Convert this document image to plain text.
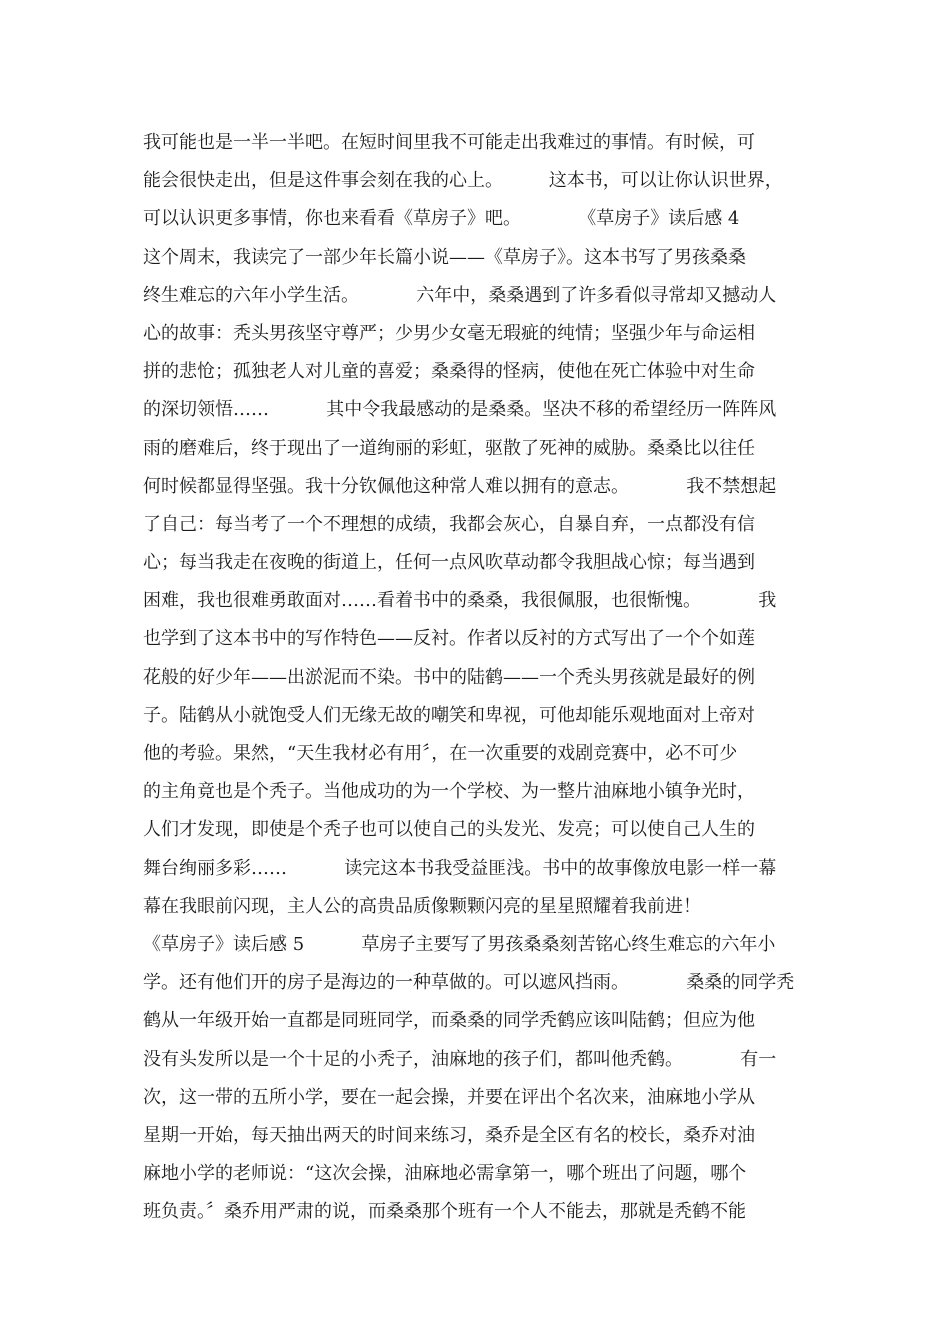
我可能也是一半一半吧。在短时间里我不可能走出我难过的事情。有时候，可
能会很快走出，但是这件事会刻在我的心上。        这本书，可以让你认识世界，
可以认识更多事情，你也来看看《草房子》吧。          《草房子》读后感 4
这个周末，我读完了一部少年长篇小说——《草房子》。这本书写了男孩桑桑
终生难忘的六年小学生活。          六年中，桑桑遇到了许多看似寻常却又撼动人
心的故事：秃头男孩坚守尊严；少男少女毫无瑕疵的纯情；坚强少年与命运相
拼的悲怆；孤独老人对儿童的喜爱；桑桑得的怪病，使他在死亡体验中对生命
的深切领悟……          其中令我最感动的是桑桑。坚决不移的希望经历一阵阵风
雨的磨难后，终于现出了一道绚丽的彩虹，驱散了死神的威胁。桑桑比以往任
何时候都显得坚强。我十分钦佩他这种常人难以拥有的意志。          我不禁想起
了自己：每当考了一个不理想的成绩，我都会灰心，自暴自弃，一点都没有信
心；每当我走在夜晚的街道上，任何一点风吹草动都令我胆战心惊；每当遇到
困难，我也很难勇敢面对……看着书中的桑桑，我很佩服，也很惭愧。          我
也学到了这本书中的写作特色——反衬。作者以反衬的方式写出了一个个如莲
花般的好少年——出淤泥而不染。书中的陆鹤——一个秃头男孩就是最好的例
子。陆鹤从小就饱受人们无缘无故的嘲笑和卑视，可他却能乐观地面对上帝对
他的考验。果然，“天生我材必有用〞，在一次重要的戏剧竞赛中，必不可少
的主角竟也是个秃子。当他成功的为一个学校、为一整片油麻地小镇争光时，
人们才发现，即使是个秃子也可以使自己的头发光、发亮；可以使自己人生的
舞台绚丽多彩……          读完这本书我受益匪浅。书中的故事像放电影一样一幕
幕在我眼前闪现，主人公的高贵品质像颗颗闪亮的星星照耀着我前进！
《草房子》读后感 5          草房子主要写了男孩桑桑刻苦铭心终生难忘的六年小
学。还有他们开的房子是海边的一种草做的。可以遮风挡雨。          桑桑的同学秃
鹤从一年级开始一直都是同班同学，而桑桑的同学秃鹤应该叫陆鹤；但应为他
没有头发所以是一个十足的小秃子，油麻地的孩子们，都叫他秃鹤。          有一
次，这一带的五所小学，要在一起会操，并要在评出个名次来，油麻地小学从
星期一开始，每天抽出两天的时间来练习，桑乔是全区有名的校长，桑乔对油
麻地小学的老师说：“这次会操，油麻地必需拿第一，哪个班出了问题，哪个
班负责。〞桑乔用严肃的说，而桑桑那个班有一个人不能去，那就是秃鹤不能
